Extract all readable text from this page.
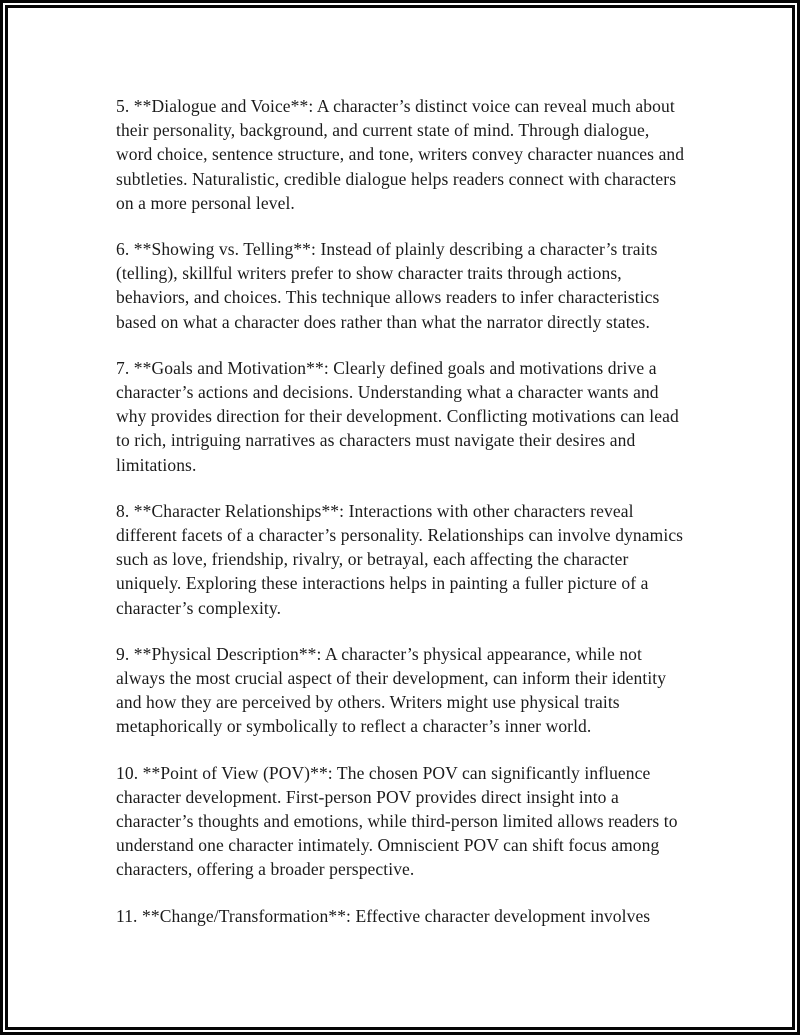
5. **Dialogue and Voice**: A character’s distinct voice can reveal much about their personality, background, and current state of mind. Through dialogue, word choice, sentence structure, and tone, writers convey character nuances and subtleties. Naturalistic, credible dialogue helps readers connect with characters on a more personal level.

6. **Showing vs. Telling**: Instead of plainly describing a character’s traits (telling), skillful writers prefer to show character traits through actions, behaviors, and choices. This technique allows readers to infer characteristics based on what a character does rather than what the narrator directly states.

7. **Goals and Motivation**: Clearly defined goals and motivations drive a character’s actions and decisions. Understanding what a character wants and why provides direction for their development. Conflicting motivations can lead to rich, intriguing narratives as characters must navigate their desires and limitations.

8. **Character Relationships**: Interactions with other characters reveal different facets of a character’s personality. Relationships can involve dynamics such as love, friendship, rivalry, or betrayal, each affecting the character uniquely. Exploring these interactions helps in painting a fuller picture of a character’s complexity.

9. **Physical Description**: A character’s physical appearance, while not always the most crucial aspect of their development, can inform their identity and how they are perceived by others. Writers might use physical traits metaphorically or symbolically to reflect a character’s inner world.

10. **Point of View (POV)**: The chosen POV can significantly influence character development. First-person POV provides direct insight into a character’s thoughts and emotions, while third-person limited allows readers to understand one character intimately. Omniscient POV can shift focus among characters, offering a broader perspective.

11. **Change/Transformation**: Effective character development involves
